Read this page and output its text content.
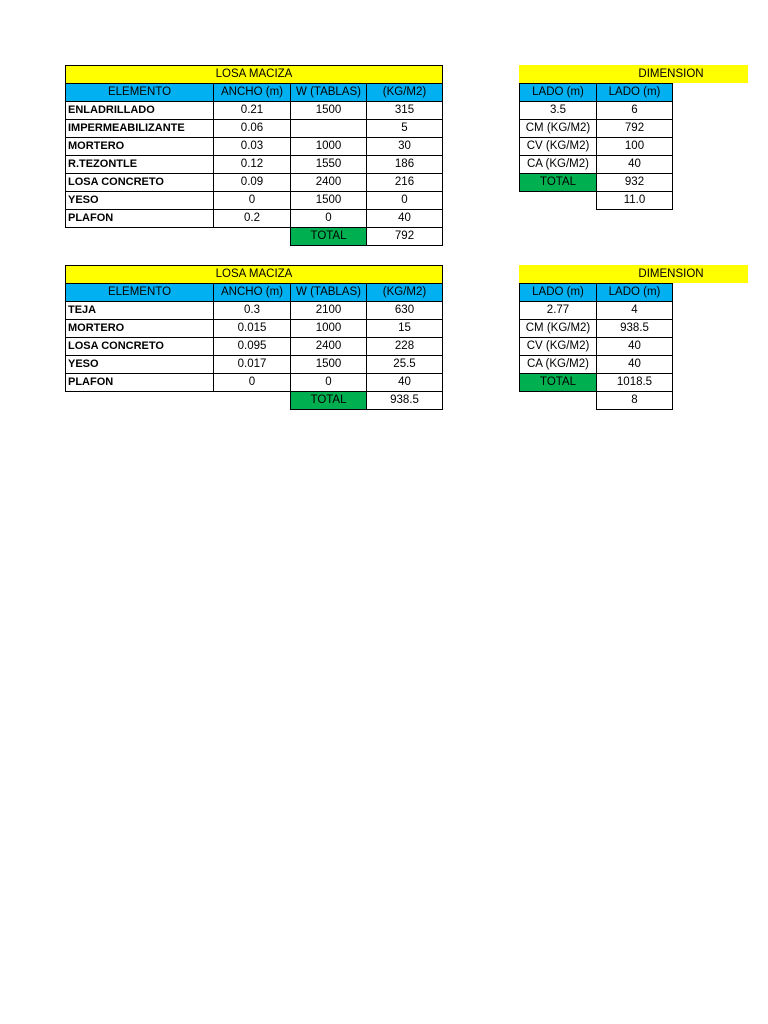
LOSA MACIZA			
ELEMENTO	ANCHO (m)	W (TABLAS)	(KG/M2)
ENLADRILLADO	0.21	1500	315
IMPERMEABILIZANTE	0.06		5
MORTERO	0.03	1000	30
R.TEZONTLE	0.12	1550	186
LOSA CONCRETO	0.09	2400	216
YESO	0	1500	0
PLAFON	0.2	0	40
		TOTAL	792
DIMENSION
LADO (m)	LADO (m)
3.5	6
CM (KG/M2)	792
CV (KG/M2)	100
CA (KG/M2)	40
TOTAL	932
	11.0
LOSA MACIZA			
ELEMENTO	ANCHO (m)	W (TABLAS)	(KG/M2)
TEJA	0.3	2100	630
MORTERO	0.015	1000	15
LOSA CONCRETO	0.095	2400	228
YESO	0.017	1500	25.5
PLAFON	0	0	40
		TOTAL	938.5
DIMENSION
LADO (m)	LADO (m)
2.77	4
CM (KG/M2)	938.5
CV (KG/M2)	40
CA (KG/M2)	40
TOTAL	1018.5
	8
